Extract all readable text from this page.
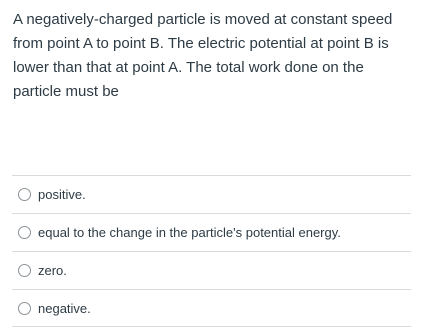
A negatively-charged particle is moved at constant speed from point A to point B. The electric potential at point B is lower than that at point A. The total work done on the particle must be

positive.
equal to the change in the particle's potential energy.
zero.
negative.
